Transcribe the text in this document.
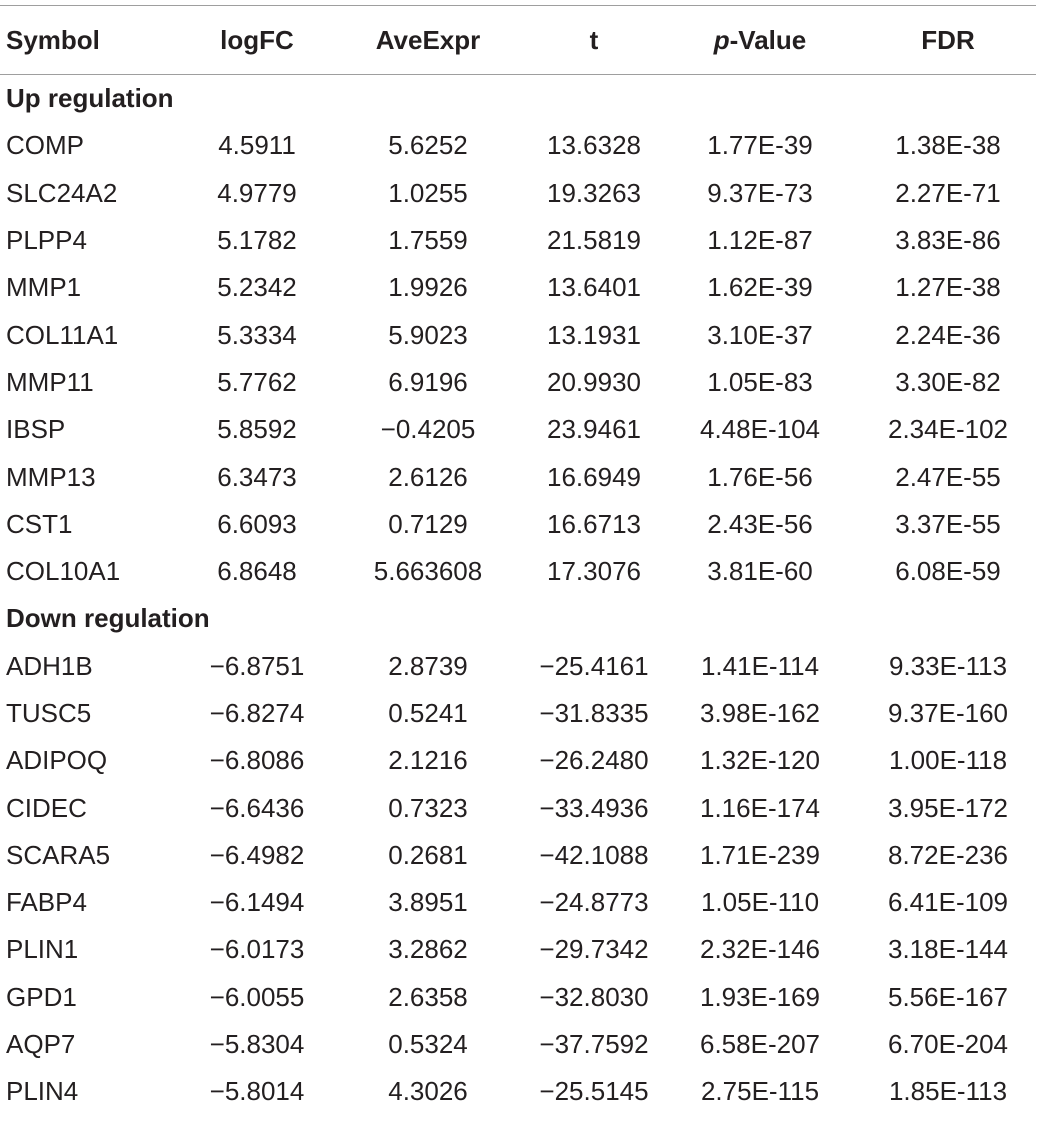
Symbol	logFC	AveExpr	t	p-Value	FDR
Up regulation
COMP	4.5911	5.6252	13.6328	1.77E-39	1.38E-38
SLC24A2	4.9779	1.0255	19.3263	9.37E-73	2.27E-71
PLPP4	5.1782	1.7559	21.5819	1.12E-87	3.83E-86
MMP1	5.2342	1.9926	13.6401	1.62E-39	1.27E-38
COL11A1	5.3334	5.9023	13.1931	3.10E-37	2.24E-36
MMP11	5.7762	6.9196	20.9930	1.05E-83	3.30E-82
IBSP	5.8592	−0.4205	23.9461	4.48E-104	2.34E-102
MMP13	6.3473	2.6126	16.6949	1.76E-56	2.47E-55
CST1	6.6093	0.7129	16.6713	2.43E-56	3.37E-55
COL10A1	6.8648	5.663608	17.3076	3.81E-60	6.08E-59
Down regulation
ADH1B	−6.8751	2.8739	−25.4161	1.41E-114	9.33E-113
TUSC5	−6.8274	0.5241	−31.8335	3.98E-162	9.37E-160
ADIPOQ	−6.8086	2.1216	−26.2480	1.32E-120	1.00E-118
CIDEC	−6.6436	0.7323	−33.4936	1.16E-174	3.95E-172
SCARA5	−6.4982	0.2681	−42.1088	1.71E-239	8.72E-236
FABP4	−6.1494	3.8951	−24.8773	1.05E-110	6.41E-109
PLIN1	−6.0173	3.2862	−29.7342	2.32E-146	3.18E-144
GPD1	−6.0055	2.6358	−32.8030	1.93E-169	5.56E-167
AQP7	−5.8304	0.5324	−37.7592	6.58E-207	6.70E-204
PLIN4	−5.8014	4.3026	−25.5145	2.75E-115	1.85E-113
